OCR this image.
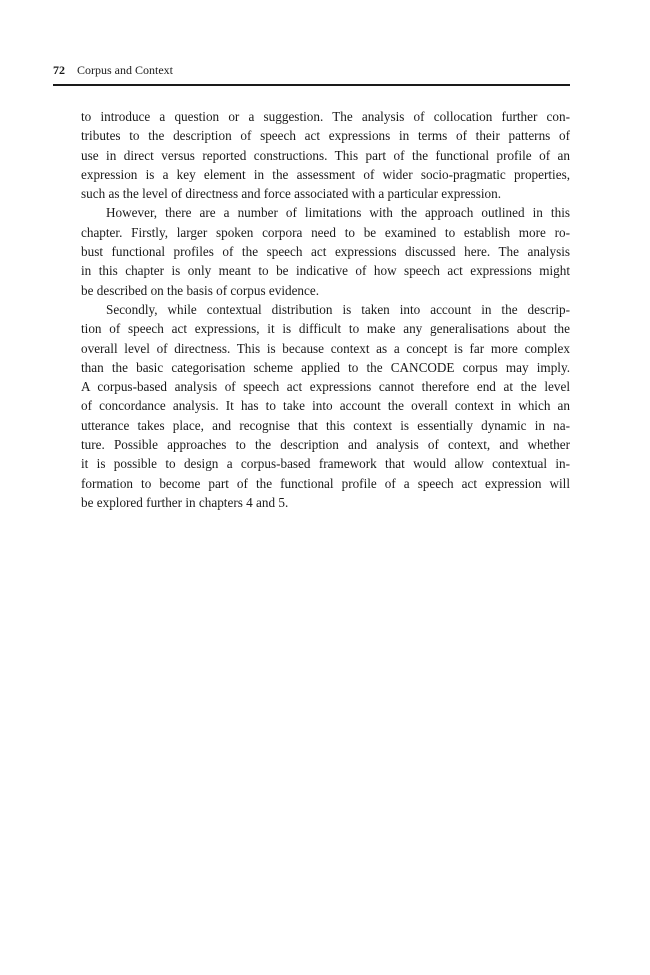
72 Corpus and Context
to introduce a question or a suggestion. The analysis of collocation further con-
tributes to the description of speech act expressions in terms of their patterns of
use in direct versus reported constructions. This part of the functional profile of an
expression is a key element in the assessment of wider socio-pragmatic properties,
such as the level of directness and force associated with a particular expression.
However, there are a number of limitations with the approach outlined in this
chapter. Firstly, larger spoken corpora need to be examined to establish more ro-
bust functional profiles of the speech act expressions discussed here. The analysis
in this chapter is only meant to be indicative of how speech act expressions might
be described on the basis of corpus evidence.
Secondly, while contextual distribution is taken into account in the descrip-
tion of speech act expressions, it is difficult to make any generalisations about the
overall level of directness. This is because context as a concept is far more complex
than the basic categorisation scheme applied to the CANCODE corpus may imply.
A corpus-based analysis of speech act expressions cannot therefore end at the level
of concordance analysis. It has to take into account the overall context in which an
utterance takes place, and recognise that this context is essentially dynamic in na-
ture. Possible approaches to the description and analysis of context, and whether
it is possible to design a corpus-based framework that would allow contextual in-
formation to become part of the functional profile of a speech act expression will
be explored further in chapters 4 and 5.
